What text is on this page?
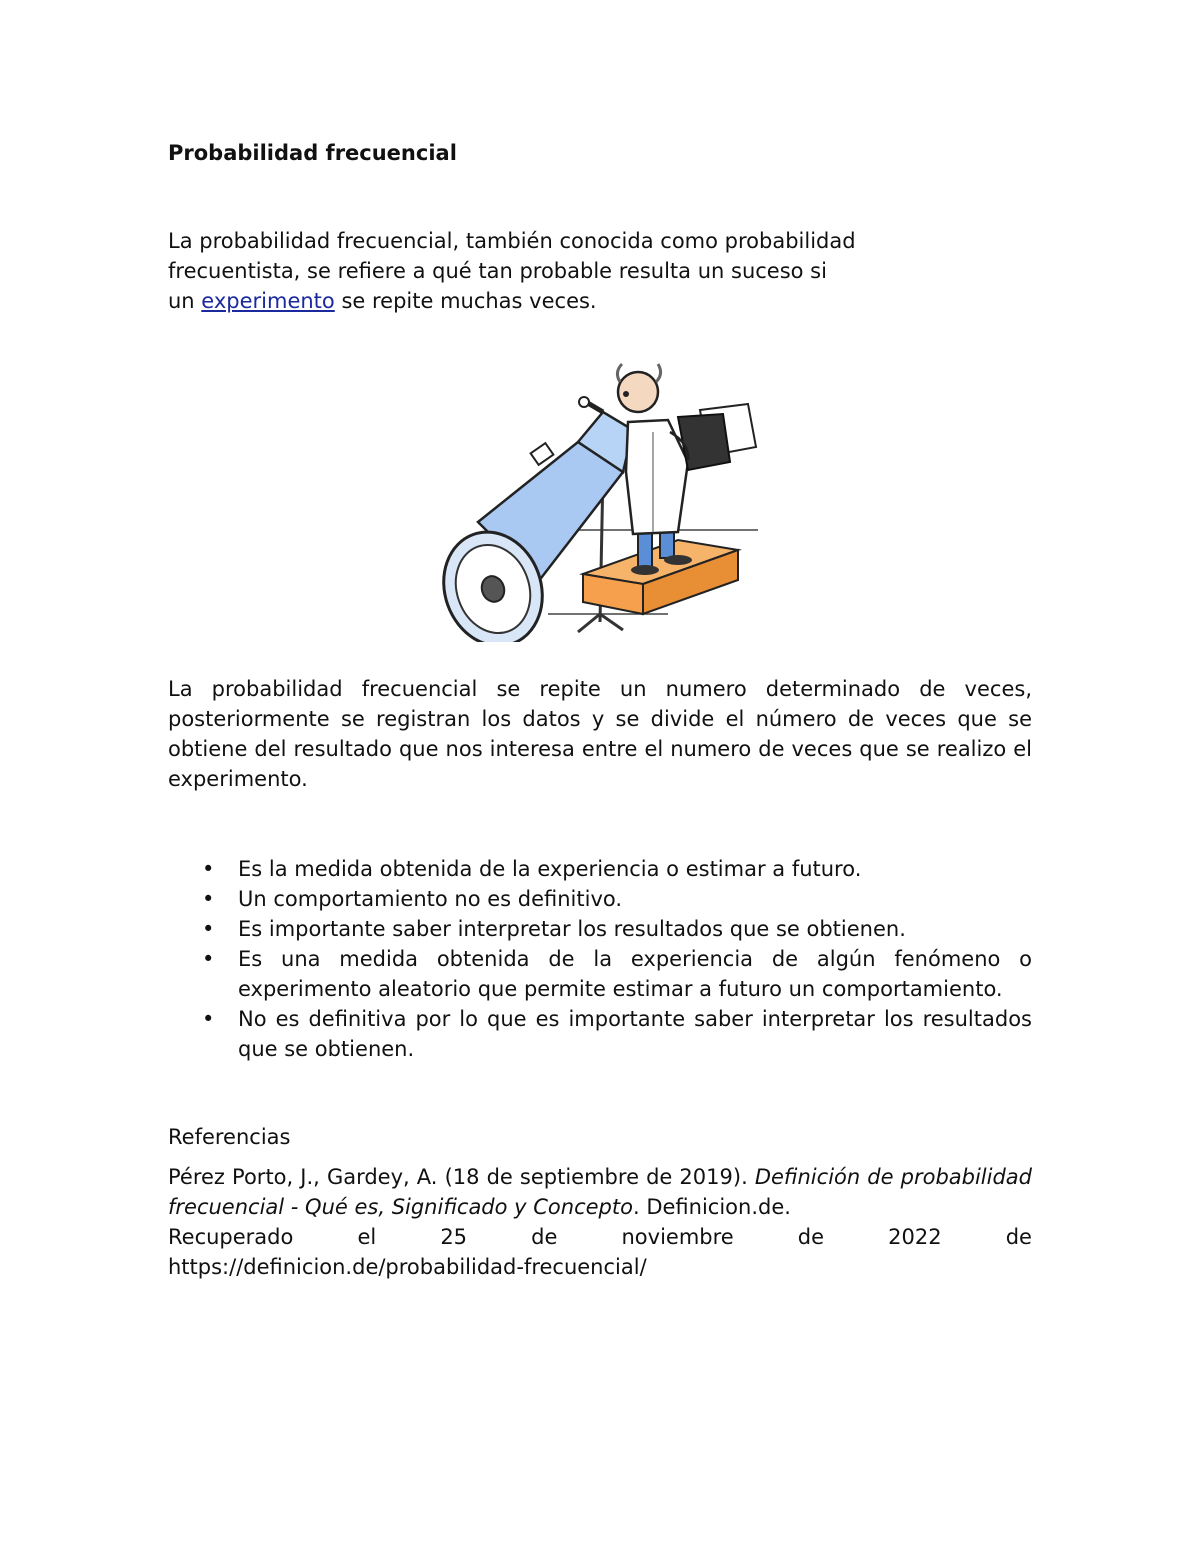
Probabilidad frecuencial

La probabilidad frecuencial, también conocida como probabilidad
frecuentista, se refiere a qué tan probable resulta un suceso si
un experimento se repite muchas veces.

La probabilidad frecuencial se repite un numero determinado de veces, posteriormente se registran los datos y se divide el número de veces que se obtiene del resultado que nos interesa entre el numero de veces que se realizo el experimento.

• Es la medida obtenida de la experiencia o estimar a futuro.
• Un comportamiento no es definitivo.
• Es importante saber interpretar los resultados que se obtienen.
• Es una medida obtenida de la experiencia de algún fenómeno o experimento aleatorio que permite estimar a futuro un comportamiento.
• No es definitiva por lo que es importante saber interpretar los resultados que se obtienen.

Referencias

Pérez Porto, J., Gardey, A. (18 de septiembre de 2019). Definición de probabilidad frecuencial - Qué es, Significado y Concepto. Definicion.de.
Recuperado	el	25	de	noviembre	de	2022	de
https://definicion.de/probabilidad-frecuencial/
